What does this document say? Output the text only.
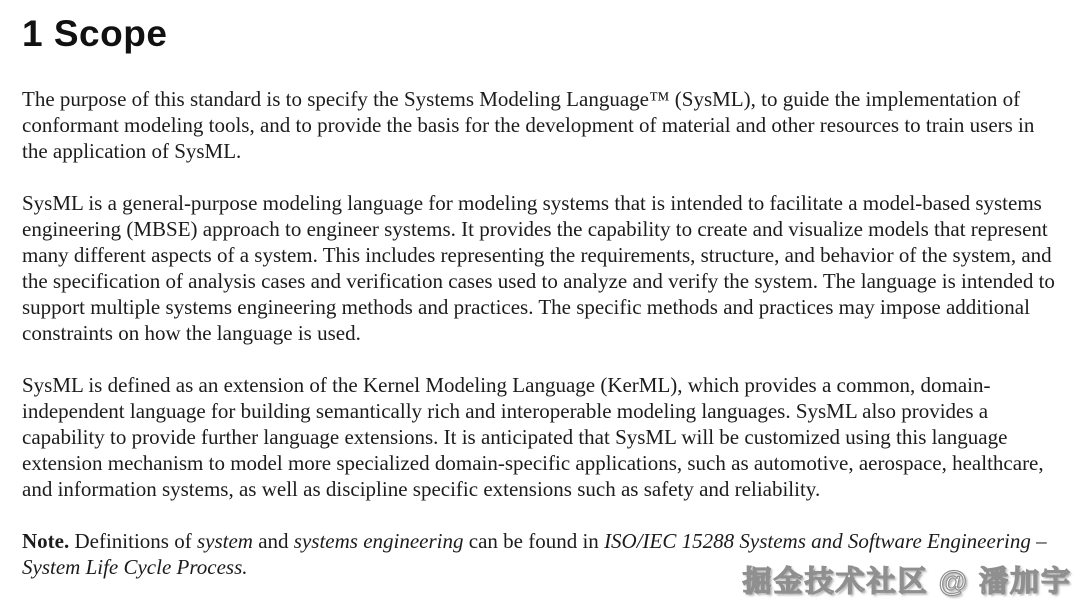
1 Scope

The purpose of this standard is to specify the Systems Modeling Language™ (SysML), to guide the implementation of conformant modeling tools, and to provide the basis for the development of material and other resources to train users in the application of SysML.

SysML is a general-purpose modeling language for modeling systems that is intended to facilitate a model-based systems engineering (MBSE) approach to engineer systems. It provides the capability to create and visualize models that represent many different aspects of a system. This includes representing the requirements, structure, and behavior of the system, and the specification of analysis cases and verification cases used to analyze and verify the system. The language is intended to support multiple systems engineering methods and practices. The specific methods and practices may impose additional constraints on how the language is used.

SysML is defined as an extension of the Kernel Modeling Language (KerML), which provides a common, domain-independent language for building semantically rich and interoperable modeling languages. SysML also provides a capability to provide further language extensions. It is anticipated that SysML will be customized using this language extension mechanism to model more specialized domain-specific applications, such as automotive, aerospace, healthcare, and information systems, as well as discipline specific extensions such as safety and reliability.

Note. Definitions of system and systems engineering can be found in ISO/IEC 15288 Systems and Software Engineering – System Life Cycle Process.	掘金技术社区 @ 潘加宇
